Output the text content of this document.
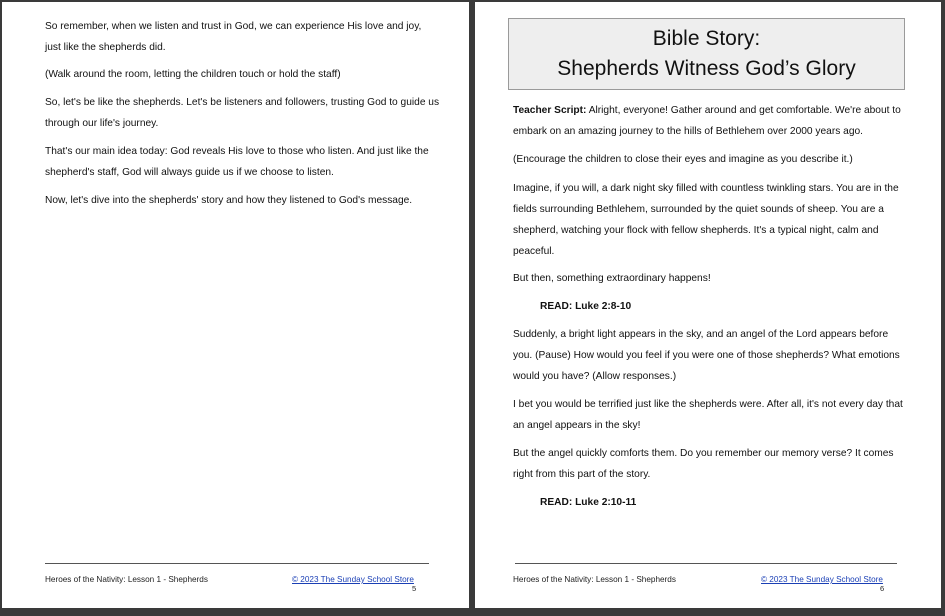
So remember, when we listen and trust in God, we can experience His love and joy, just like the shepherds did.

(Walk around the room, letting the children touch or hold the staff)

So, let's be like the shepherds. Let's be listeners and followers, trusting God to guide us through our life's journey.

That's our main idea today: God reveals His love to those who listen. And just like the shepherd's staff, God will always guide us if we choose to listen.

Now, let's dive into the shepherds' story and how they listened to God's message.

Heroes of the Nativity: Lesson 1 - Shepherds	© 2023 The Sunday School Store
5
Bible Story:
Shepherds Witness God’s Glory

Teacher Script: Alright, everyone! Gather around and get comfortable. We're about to embark on an amazing journey to the hills of Bethlehem over 2000 years ago.

(Encourage the children to close their eyes and imagine as you describe it.)

Imagine, if you will, a dark night sky filled with countless twinkling stars. You are in the fields surrounding Bethlehem, surrounded by the quiet sounds of sheep. You are a shepherd, watching your flock with fellow shepherds. It's a typical night, calm and peaceful.

But then, something extraordinary happens!

READ: Luke 2:8-10

Suddenly, a bright light appears in the sky, and an angel of the Lord appears before you. (Pause) How would you feel if you were one of those shepherds? What emotions would you have? (Allow responses.)

I bet you would be terrified just like the shepherds were. After all, it's not every day that an angel appears in the sky!

But the angel quickly comforts them. Do you remember our memory verse? It comes right from this part of the story.

READ: Luke 2:10-11

Heroes of the Nativity: Lesson 1 - Shepherds	© 2023 The Sunday School Store
6
